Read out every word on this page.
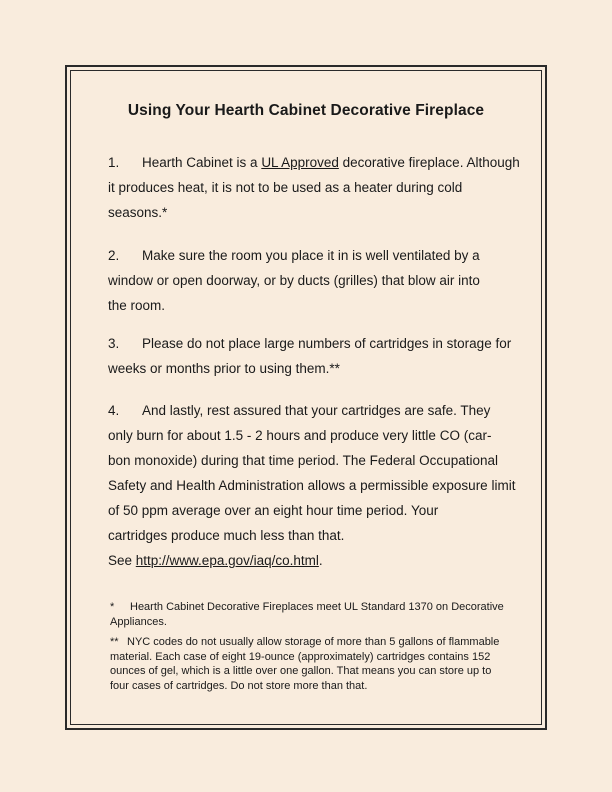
Using Your Hearth Cabinet Decorative Fireplace
1. Hearth Cabinet is a UL Approved decorative fireplace. Although
it produces heat, it is not to be used as a heater during cold
seasons.*
2. Make sure the room you place it in is well ventilated by a
window or open doorway, or by ducts (grilles) that blow air into
the room.
3. Please do not place large numbers of cartridges in storage for
weeks or months prior to using them.**
4. And lastly, rest assured that your cartridges are safe. They
only burn for about 1.5 - 2 hours and produce very little CO (car-
bon monoxide) during that time period. The Federal Occupational
Safety and Health Administration allows a permissible exposure limit
of 50 ppm average over an eight hour time period. Your
cartridges produce much less than that.
See http://www.epa.gov/iaq/co.html.
* Hearth Cabinet Decorative Fireplaces meet UL Standard 1370 on Decorative
Appliances.
** NYC codes do not usually allow storage of more than 5 gallons of flammable
material. Each case of eight 19-ounce (approximately) cartridges contains 152
ounces of gel, which is a little over one gallon. That means you can store up to
four cases of cartridges. Do not store more than that.
